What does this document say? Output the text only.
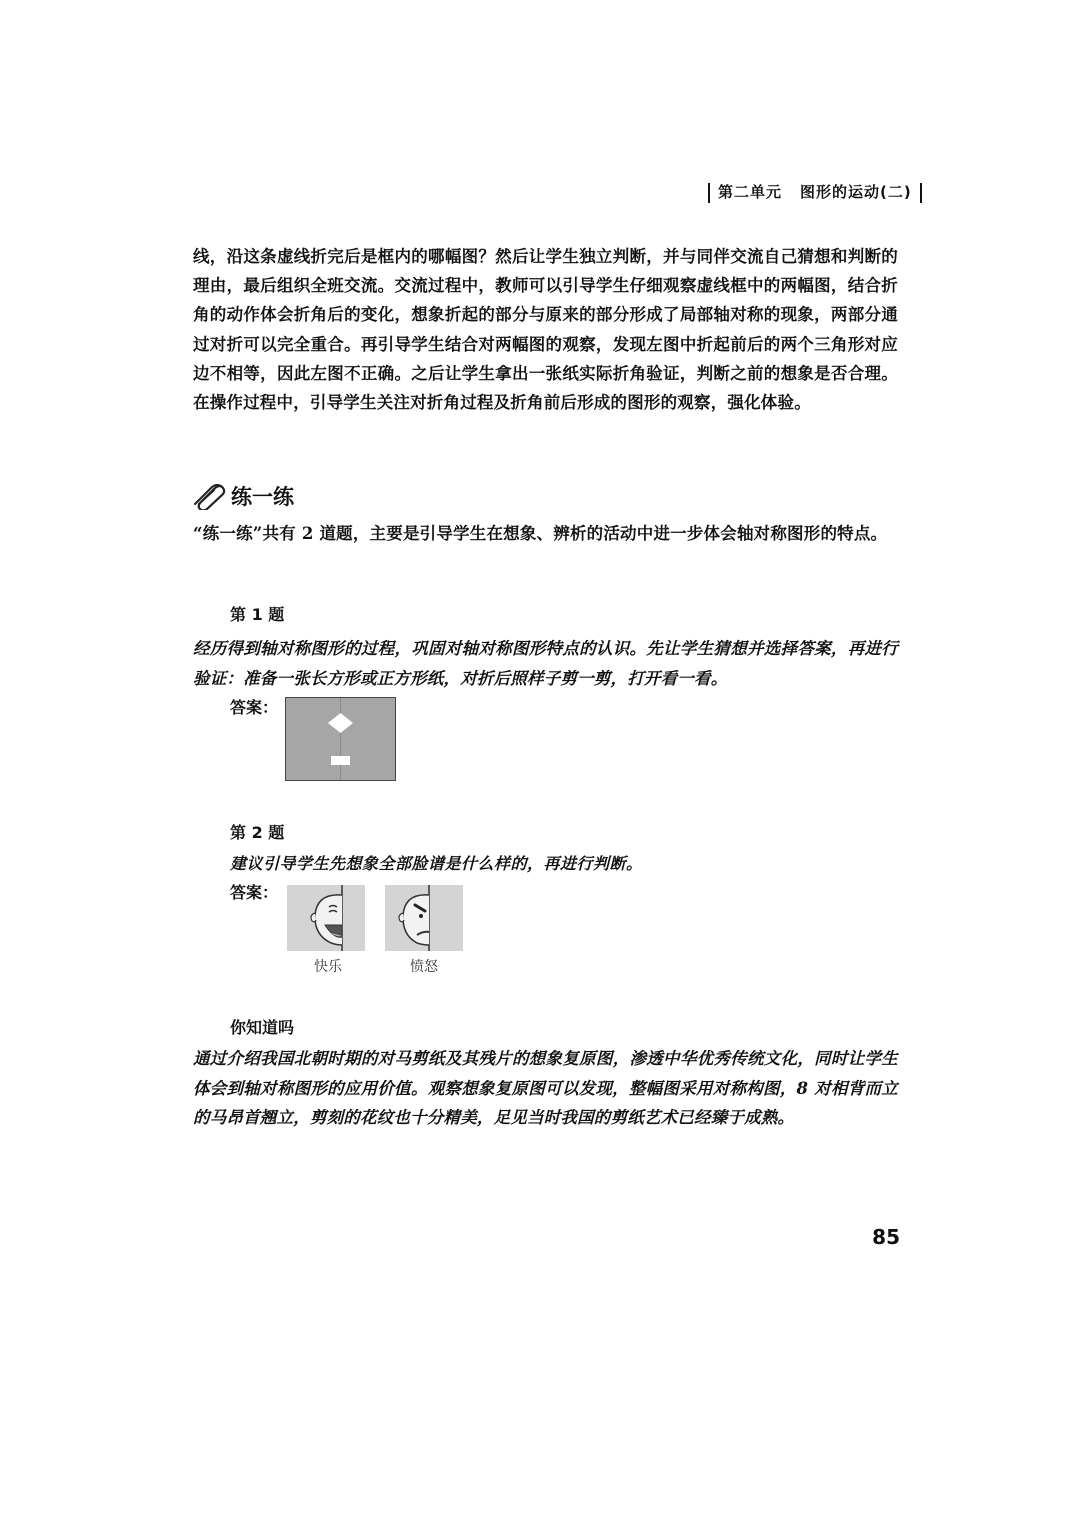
第二单元 图形的运动(二)
线，沿这条虚线折完后是框内的哪幅图？然后让学生独立判断，并与同伴交流自己猜想和判断的理由，最后组织全班交流。交流过程中，教师可以引导学生仔细观察虚线框中的两幅图，结合折角的动作体会折角后的变化，想象折起的部分与原来的部分形成了局部轴对称的现象，两部分通过对折可以完全重合。再引导学生结合对两幅图的观察，发现左图中折起前后的两个三角形对应边不相等，因此左图不正确。之后让学生拿出一张纸实际折角验证，判断之前的想象是否合理。在操作过程中，引导学生关注对折角过程及折角前后形成的图形的观察，强化体验。
练一练
“练一练”共有 2 道题，主要是引导学生在想象、辨析的活动中进一步体会轴对称图形的特点。
第 1 题
经历得到轴对称图形的过程，巩固对轴对称图形特点的认识。先让学生猜想并选择答案，再进行验证：准备一张长方形或正方形纸，对折后照样子剪一剪，打开看一看。
答案：
第 2 题
建议引导学生先想象全部脸谱是什么样的，再进行判断。
答案：
快乐	愤怒
你知道吗
通过介绍我国北朝时期的对马剪纸及其残片的想象复原图，渗透中华优秀传统文化，同时让学生体会到轴对称图形的应用价值。观察想象复原图可以发现，整幅图采用对称构图，8 对相背而立的马昂首翘立，剪刻的花纹也十分精美，足见当时我国的剪纸艺术已经臻于成熟。
85
